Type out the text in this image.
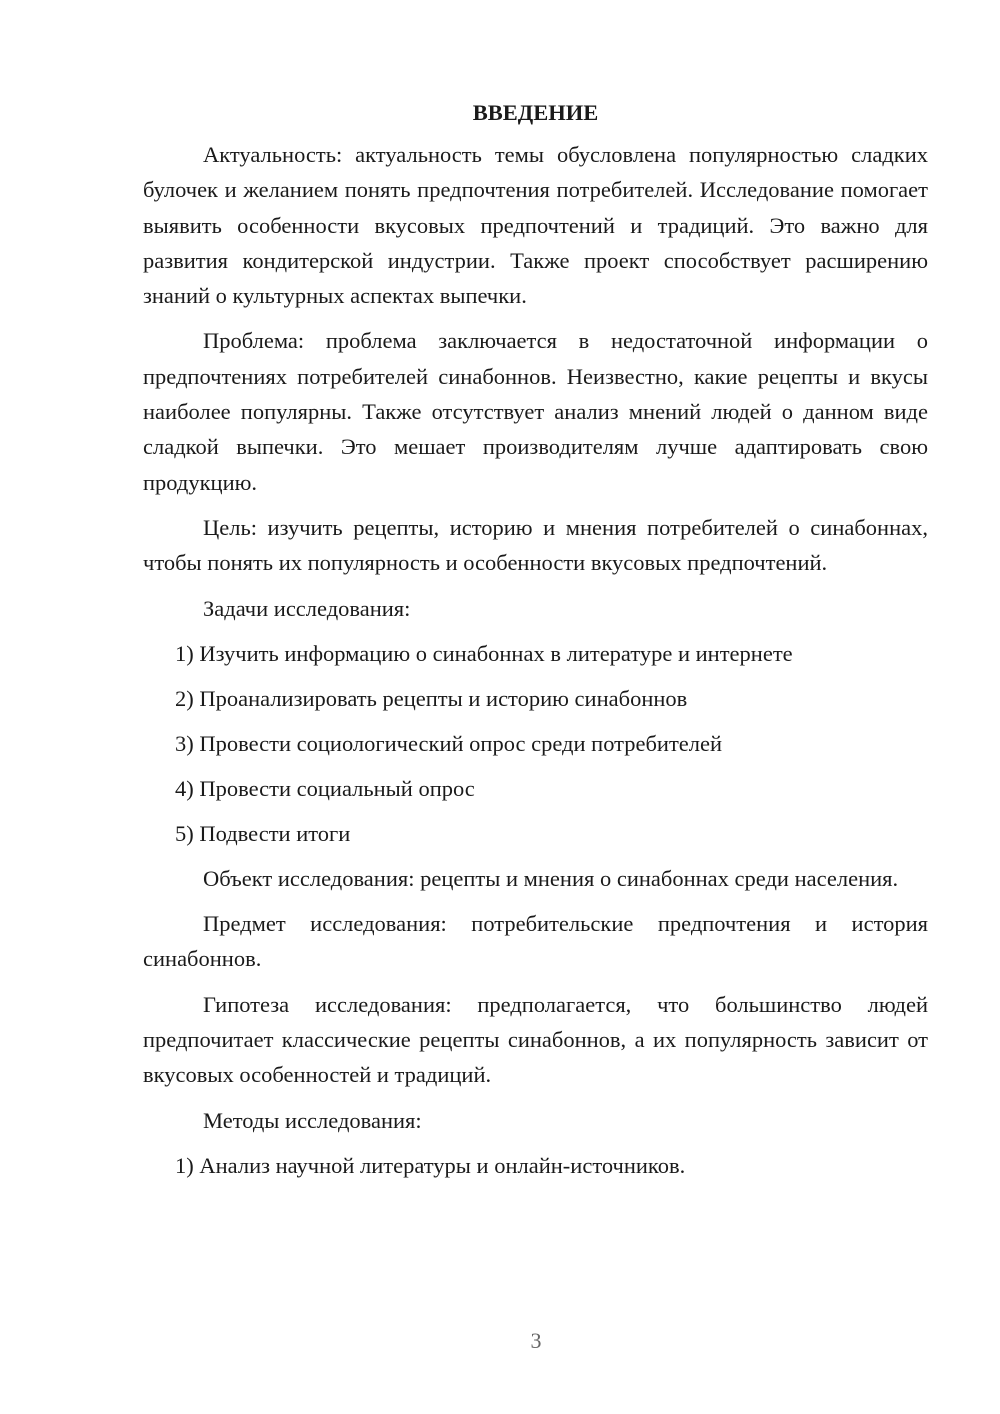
ВВЕДЕНИЕ

Актуальность: актуальность темы обусловлена популярностью сладких булочек и желанием понять предпочтения потребителей. Исследование помогает выявить особенности вкусовых предпочтений и традиций. Это важно для развития кондитерской индустрии. Также проект способствует расширению знаний о культурных аспектах выпечки.

Проблема: проблема заключается в недостаточной информации о предпочтениях потребителей синабоннов. Неизвестно, какие рецепты и вкусы наиболее популярны. Также отсутствует анализ мнений людей о данном виде сладкой выпечки. Это мешает производителям лучше адаптировать свою продукцию.

Цель: изучить рецепты, историю и мнения потребителей о синабоннах, чтобы понять их популярность и особенности вкусовых предпочтений.

Задачи исследования:

1) Изучить информацию о синабоннах в литературе и интернете
2) Проанализировать рецепты и историю синабоннов
3) Провести социологический опрос среди потребителей
4) Провести социальный опрос
5) Подвести итоги

Объект исследования: рецепты и мнения о синабоннах среди населения.

Предмет исследования: потребительские предпочтения и история синабоннов.

Гипотеза исследования: предполагается, что большинство людей предпочитает классические рецепты синабоннов, а их популярность зависит от вкусовых особенностей и традиций.

Методы исследования:

1) Анализ научной литературы и онлайн-источников.
3
